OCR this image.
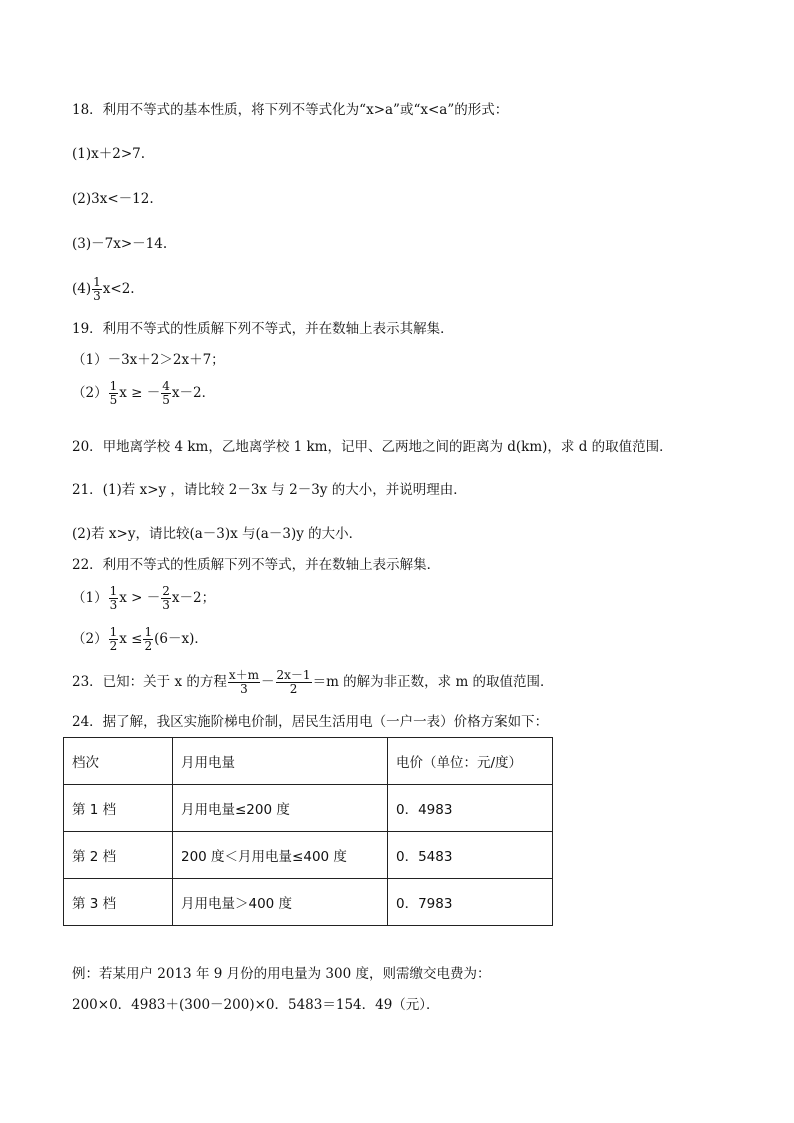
18．利用不等式的基本性质，将下列不等式化为“x>a”或“x<a”的形式：
(1)x＋2>7.
(2)3x<－12.
(3)－7x>－14.
$(4) \frac{1}{3} x<2$.
19．利用不等式的性质解下列不等式，并在数轴上表示其解集．
（1）－3x＋2＞2x＋7；
$(2) \frac{1}{5}$ x ≥ － $\frac{4}{5} x-2$．
20．甲地离学校 4 km，乙地离学校 1 km，记甲、乙两地之间的距离为 d(km)，求 d 的取值范围．
21．(1)若 x>y ，请比较 2－3x 与 2－3y 的大小，并说明理由．
(2)若 x>y，请比较(a－3)x 与(a－3)y 的大小．
22．利用不等式的性质解下列不等式，并在数轴上表示解集．
$(1) \frac{1}{3}$ x > － $\frac{2}{3} x-2$；
$(2) \frac{1}{2}$ $x \le \frac{1}{2} (6-x)$．
23．已知：关于 x 的方程 $\frac{x+m}{3} - \frac{2x-1}{2} =m$ 的解为非正数，求 m 的取值范围．
24．据了解，我区实施阶梯电价制，居民生活用电（一户一表）价格方案如下：
档次	月用电量	电价（单位：元/度）
第 1 档	月用电量≤200 度	0．4983
第 2 档	200 度＜月用电量≤400 度	0．5483
第 3 档	月用电量＞400 度	0．7983
例：若某用户 2013 年 9 月份的用电量为 300 度，则需缴交电费为：
200×0．4983＋(300－200)×0．5483＝154．49（元）．
